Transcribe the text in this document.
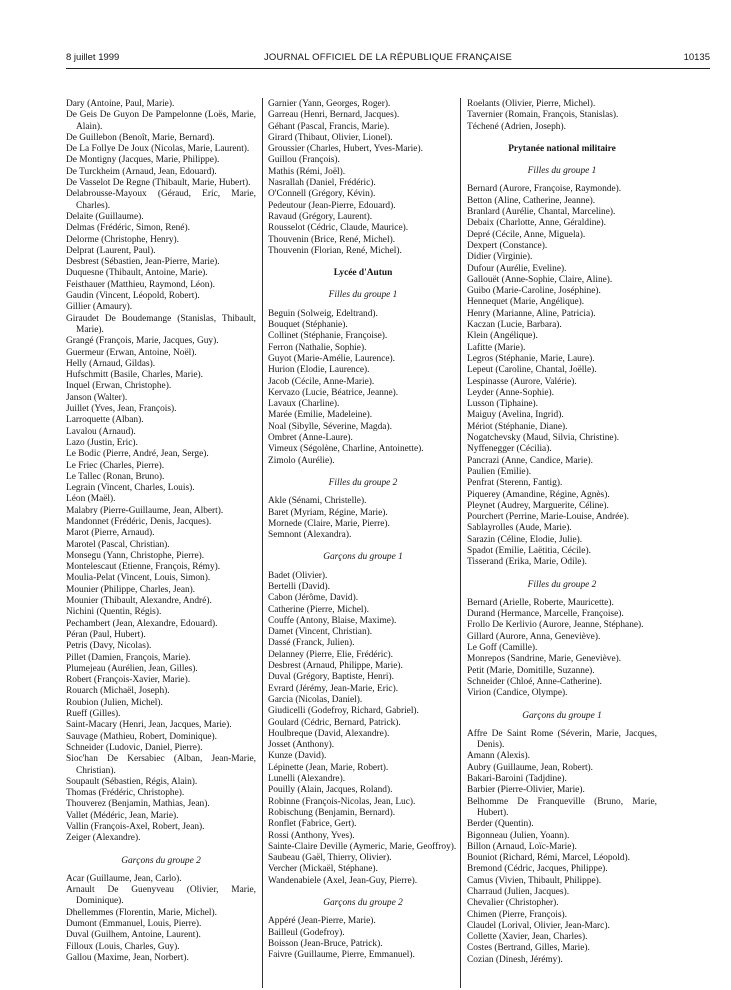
8 juillet 1999	JOURNAL OFFICIEL DE LA RÉPUBLIQUE FRANÇAISE	10135
Dary (Antoine, Paul, Marie).
De Geis De Guyon De Pampelonne (Loës, Marie, Alain).
De Guillebon (Benoît, Marie, Bernard).
De La Follye De Joux (Nicolas, Marie, Laurent).
De Montigny (Jacques, Marie, Philippe).
De Turckheim (Arnaud, Jean, Edouard).
De Vasselot De Regne (Thibault, Marie, Hubert).
Delabrousse-Mayoux (Géraud, Eric, Marie, Charles).
Delaite (Guillaume).
Delmas (Frédéric, Simon, René).
Delorme (Christophe, Henry).
Delprat (Laurent, Paul).
Desbrest (Sébastien, Jean-Pierre, Marie).
Duquesne (Thibault, Antoine, Marie).
Feisthauer (Matthieu, Raymond, Léon).
Gaudin (Vincent, Léopold, Robert).
Gillier (Amaury).
Giraudet De Boudemange (Stanislas, Thibault, Marie).
Grangé (François, Marie, Jacques, Guy).
Guermeur (Erwan, Antoine, Noël).
Helly (Arnaud, Gildas).
Hufschmitt (Basile, Charles, Marie).
Inquel (Erwan, Christophe).
Janson (Walter).
Juillet (Yves, Jean, François).
Larroquette (Alban).
Lavalou (Arnaud).
Lazo (Justin, Eric).
Le Bodic (Pierre, André, Jean, Serge).
Le Friec (Charles, Pierre).
Le Tallec (Ronan, Bruno).
Legrain (Vincent, Charles, Louis).
Léon (Maël).
Malabry (Pierre-Guillaume, Jean, Albert).
Mandonnet (Frédéric, Denis, Jacques).
Marot (Pierre, Arnaud).
Marotel (Pascal, Christian).
Monsegu (Yann, Christophe, Pierre).
Montelescaut (Etienne, François, Rémy).
Moulia-Pelat (Vincent, Louis, Simon).
Mounier (Philippe, Charles, Jean).
Mounier (Thibault, Alexandre, André).
Nichini (Quentin, Régis).
Pechambert (Jean, Alexandre, Edouard).
Péran (Paul, Hubert).
Petris (Davy, Nicolas).
Pillet (Damien, François, Marie).
Plumejeau (Aurélien, Jean, Gilles).
Robert (François-Xavier, Marie).
Rouarch (Michaël, Joseph).
Roubion (Julien, Michel).
Rueff (Gilles).
Saint-Macary (Henri, Jean, Jacques, Marie).
Sauvage (Mathieu, Robert, Dominique).
Schneider (Ludovic, Daniel, Pierre).
Sioc'han De Kersabiec (Alban, Jean-Marie, Christian).
Soupault (Sébastien, Régis, Alain).
Thomas (Frédéric, Christophe).
Thouverez (Benjamin, Mathias, Jean).
Vallet (Médéric, Jean, Marie).
Vallin (François-Axel, Robert, Jean).
Zeiger (Alexandre).
Garçons du groupe 2
Acar (Guillaume, Jean, Carlo).
Arnault De Guenyveau (Olivier, Marie, Dominique).
Dhellemmes (Florentin, Marie, Michel).
Dumont (Emmanuel, Louis, Pierre).
Duval (Guilhem, Antoine, Laurent).
Filloux (Louis, Charles, Guy).
Gallou (Maxime, Jean, Norbert).
Garnier (Yann, Georges, Roger).
Garreau (Henri, Bernard, Jacques).
Géhant (Pascal, Francis, Marie).
Girard (Thibaut, Olivier, Lionel).
Groussier (Charles, Hubert, Yves-Marie).
Guillou (François).
Mathis (Rémi, Joël).
Nasrallah (Daniel, Frédéric).
O'Connell (Grégory, Kévin).
Pedeutour (Jean-Pierre, Edouard).
Ravaud (Grégory, Laurent).
Rousselot (Cédric, Claude, Maurice).
Thouvenin (Brice, René, Michel).
Thouvenin (Florian, René, Michel).
Lycée d'Autun
Filles du groupe 1
Beguin (Solweig, Edeltrand).
Bouquet (Stéphanie).
Collinet (Stéphanie, Françoise).
Ferron (Nathalie, Sophie).
Guyot (Marie-Amélie, Laurence).
Hurion (Elodie, Laurence).
Jacob (Cécile, Anne-Marie).
Kervazo (Lucie, Béatrice, Jeanne).
Lavaux (Charline).
Marée (Emilie, Madeleine).
Noal (Sibylle, Séverine, Magda).
Ombret (Anne-Laure).
Vimeux (Ségolène, Charline, Antoinette).
Zimolo (Aurélie).
Filles du groupe 2
Akle (Sénami, Christelle).
Baret (Myriam, Régine, Marie).
Mornede (Claire, Marie, Pierre).
Semnont (Alexandra).
Garçons du groupe 1
Badet (Olivier).
Bertelli (David).
Cabon (Jérôme, David).
Catherine (Pierre, Michel).
Couffe (Antony, Blaise, Maxime).
Damet (Vincent, Christian).
Dassé (Franck, Julien).
Delanney (Pierre, Elie, Frédéric).
Desbrest (Arnaud, Philippe, Marie).
Duval (Grégory, Baptiste, Henri).
Evrard (Jérémy, Jean-Marie, Eric).
Garcia (Nicolas, Daniel).
Giudicelli (Godefroy, Richard, Gabriel).
Goulard (Cédric, Bernard, Patrick).
Houlbreque (David, Alexandre).
Josset (Anthony).
Kunze (David).
Lépinette (Jean, Marie, Robert).
Lunelli (Alexandre).
Pouilly (Alain, Jacques, Roland).
Robinne (François-Nicolas, Jean, Luc).
Robischung (Benjamin, Bernard).
Ronflet (Fabrice, Gert).
Rossi (Anthony, Yves).
Sainte-Claire Deville (Aymeric, Marie, Geoffroy).
Saubeau (Gaël, Thierry, Olivier).
Vercher (Mickaël, Stéphane).
Wandenabiele (Axel, Jean-Guy, Pierre).
Garçons du groupe 2
Appéré (Jean-Pierre, Marie).
Bailleul (Godefroy).
Boisson (Jean-Bruce, Patrick).
Faivre (Guillaume, Pierre, Emmanuel).
Roelants (Olivier, Pierre, Michel).
Tavernier (Romain, François, Stanislas).
Téchené (Adrien, Joseph).
Prytanée national militaire
Filles du groupe 1
Bernard (Aurore, Françoise, Raymonde).
Betton (Aline, Catherine, Jeanne).
Branlard (Aurélie, Chantal, Marceline).
Debaix (Charlotte, Anne, Géraldine).
Depré (Cécile, Anne, Miguela).
Dexpert (Constance).
Didier (Virginie).
Dufour (Aurélie, Eveline).
Gallouët (Anne-Sophie, Claire, Aline).
Guibo (Marie-Caroline, Joséphine).
Hennequet (Marie, Angélique).
Henry (Marianne, Aline, Patricia).
Kaczan (Lucie, Barbara).
Klein (Angélique).
Lafitte (Marie).
Legros (Stéphanie, Marie, Laure).
Lepeut (Caroline, Chantal, Joëlle).
Lespinasse (Aurore, Valérie).
Leyder (Anne-Sophie).
Lusson (Tiphaine).
Maiguy (Avelina, Ingrid).
Mériot (Stéphanie, Diane).
Nogatchevsky (Maud, Silvia, Christine).
Nyffenegger (Cécilia).
Pancrazi (Anne, Candice, Marie).
Paulien (Emilie).
Penfrat (Sterenn, Fantig).
Piquerey (Amandine, Régine, Agnès).
Pleynet (Audrey, Marguerite, Céline).
Pourchert (Perrine, Marie-Louise, Andrée).
Sablayrolles (Aude, Marie).
Sarazin (Céline, Elodie, Julie).
Spadot (Emilie, Laëtitia, Cécile).
Tisserand (Erika, Marie, Odile).
Filles du groupe 2
Bernard (Arielle, Roberte, Mauricette).
Durand (Hermance, Marcelle, Françoise).
Frollo De Kerlivio (Aurore, Jeanne, Stéphane).
Gillard (Aurore, Anna, Geneviève).
Le Goff (Camille).
Monrepos (Sandrine, Marie, Geneviève).
Petit (Marie, Domitille, Suzanne).
Schneider (Chloé, Anne-Catherine).
Virion (Candice, Olympe).
Garçons du groupe 1
Affre De Saint Rome (Séverin, Marie, Jacques, Denis).
Amann (Alexis).
Aubry (Guillaume, Jean, Robert).
Bakari-Baroini (Tadjdine).
Barbier (Pierre-Olivier, Marie).
Belhomme De Franqueville (Bruno, Marie, Hubert).
Berder (Quentin).
Bigonneau (Julien, Yoann).
Billon (Arnaud, Loïc-Marie).
Bouniot (Richard, Rémi, Marcel, Léopold).
Bremond (Cédric, Jacques, Philippe).
Camus (Vivien, Thibault, Philippe).
Charraud (Julien, Jacques).
Chevalier (Christopher).
Chimen (Pierre, François).
Claudel (Lorival, Olivier, Jean-Marc).
Collette (Xavier, Jean, Charles).
Costes (Bertrand, Gilles, Marie).
Cozian (Dinesh, Jérémy).
